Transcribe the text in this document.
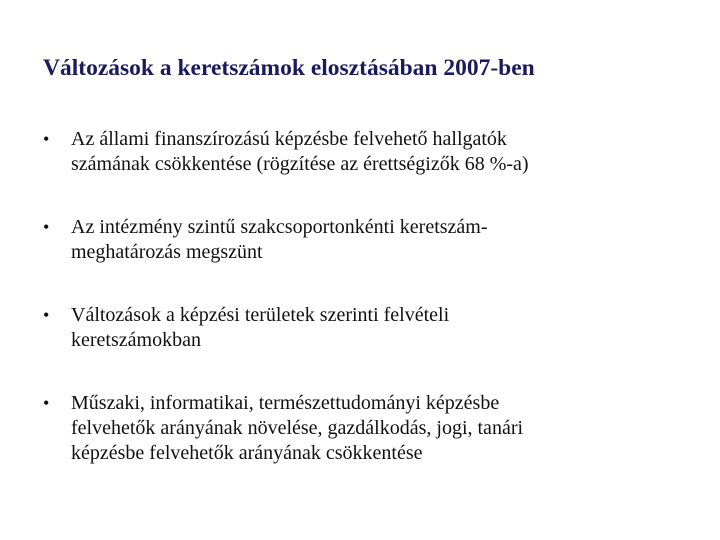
Változások a keretszámok elosztásában 2007-ben
•	Az állami finanszírozású képzésbe felvehető hallgatók
számának csökkentése (rögzítése az érettségizők 68 %-a)
•	Az intézmény szintű szakcsoportonkénti keretszám-
meghatározás megszünt
•	Változások a képzési területek szerinti felvételi
keretszámokban
•	Műszaki, informatikai, természettudományi képzésbe
felvehetők arányának növelése, gazdálkodás, jogi, tanári
képzésbe felvehetők arányának csökkentése
